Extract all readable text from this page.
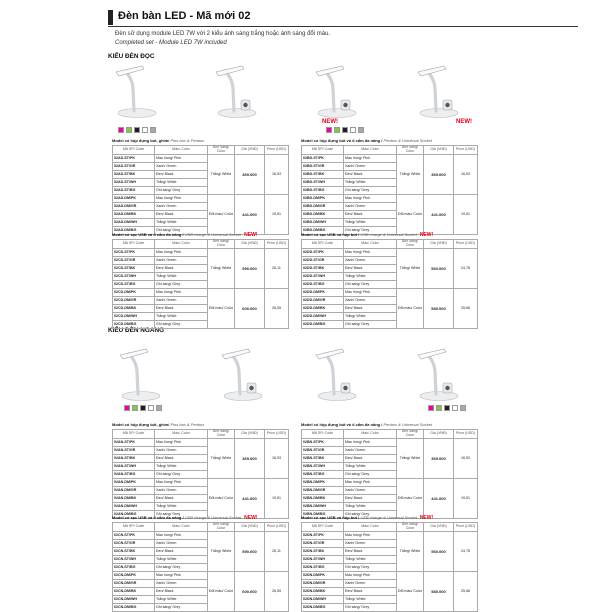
Đèn bàn LED - Mã mới 02
Đèn sử dụng module LED 7W với 2 kiểu ánh sáng trắng hoặc ánh sáng đổi màu.
Completed set - Module LED 7W included
KIỂU ĐÈN ĐỌC
KIỂU ĐÈN NGANG
NEW!	NEW!
Model có hộp đựng bút, ghim/ Pins box & Penbox
Mã SP/ Code	Màu/ Color	Ánh sáng/ Color	Giá (VNĐ)	Price (USD)
02AD-ST/PK	Màu hồng/ Pink	Trắng/ White	369.000	16,53
02AD-ST/GR	Xanh/ Green			
02AD-ST/BK	Đen/ Black			
02AD-ST/WH	Trắng/ White			
02AD-ST/BG	Ghi sáng/ Grey			
02AD-DM/PK	Màu hồng/ Pink	Đổi màu/ Color	441.000	19,51
02AD-DM/GR	Xanh/ Green			
02AD-DM/BK	Đen/ Black			
02AD-DM/WH	Trắng/ White			
02AD-DM/BG	Ghi sáng/ Grey			
Model có hộp đựng bút và ổ cắm đa năng / Penbox & Universal Socket
Mã SP/ Code	Màu/ Color	Ánh sáng/ Color	Giá (VNĐ)	Price (USD)
02BD-ST/PK	Màu hồng/ Pink	Trắng/ White	369.000	16,53
02BD-ST/GR	Xanh/ Green			
02BD-ST/BK	Đen/ Black			
02BD-ST/WH	Trắng/ White			
02BD-ST/BG	Ghi sáng/ Grey			
02BD-DM/PK	Màu hồng/ Pink	Đổi màu/ Color	441.000	19,51
02BD-DM/GR	Xanh/ Green			
02BD-DM/BK	Đen/ Black			
02BD-DM/WH	Trắng/ White			
02BD-DM/BG	Ghi sáng/ Grey			
Model có sạc USB và ổ cắm đa năng / USB charge & Universal Socket NEW!
Mã SP/ Code	Màu/ Color	Ánh sáng/ Color	Giá (VNĐ)	Price (USD)
02CD-ST/PK	Màu hồng/ Pink	Trắng/ White	590.000	26,11
02CD-ST/GR	Xanh/ Green			
02CD-ST/BK	Đen/ Black			
02CD-ST/WH	Trắng/ White			
02CD-ST/BG	Ghi sáng/ Grey			
02CD-DM/PK	Màu hồng/ Pink	Đổi màu/ Color	600.000	26,55
02CD-DM/GR	Xanh/ Green			
02CD-DM/BK	Đen/ Black			
02CD-DM/WH	Trắng/ White			
02CD-DM/BG	Ghi sáng/ Grey			
Model có sạc USB và hộp bút / USB charge & Universal Socket NEW!
Mã SP/ Code	Màu/ Color	Ánh sáng/ Color	Giá (VNĐ)	Price (USD)
02DD-ST/PK	Màu hồng/ Pink	Trắng/ White	560.000	24,78
02DD-ST/GR	Xanh/ Green			
02DD-ST/BK	Đen/ Black			
02DD-ST/WH	Trắng/ White			
02DD-ST/BG	Ghi sáng/ Grey			
02DD-DM/PK	Màu hồng/ Pink	Đổi màu/ Color	580.000	25,66
02DD-DM/GR	Xanh/ Green			
02DD-DM/BK	Đen/ Black			
02DD-DM/WH	Trắng/ White			
02DD-DM/BG	Ghi sáng/ Grey			
Model có hộp đựng bút, ghim/ Pins box & Penbox
Mã SP/ Code	Màu/ Color	Ánh sáng/ Color	Giá (VNĐ)	Price (USD)
02AN-ST/PK	Màu hồng/ Pink	Trắng/ White	369.000	16,53
02AN-ST/GR	Xanh/ Green			
02AN-ST/BK	Đen/ Black			
02AN-ST/WH	Trắng/ White			
02AN-ST/BG	Ghi sáng/ Grey			
02AN-DM/PK	Màu hồng/ Pink	Đổi màu/ Color	441.000	19,51
02AN-DM/GR	Xanh/ Green			
02AN-DM/BK	Đen/ Black			
02AN-DM/WH	Trắng/ White			
02AN-DM/BG	Ghi sáng/ Grey			
Model có hộp đựng bút và ổ cắm đa năng / Penbox & Universal Socket
Mã SP/ Code	Màu/ Color	Ánh sáng/ Color	Giá (VNĐ)	Price (USD)
02BN-ST/PK	Màu hồng/ Pink	Trắng/ White	369.000	16,53
02BN-ST/GR	Xanh/ Green			
02BN-ST/BK	Đen/ Black			
02BN-ST/WH	Trắng/ White			
02BN-ST/BG	Ghi sáng/ Grey			
02BN-DM/PK	Màu hồng/ Pink	Đổi màu/ Color	441.000	19,51
02BN-DM/GR	Xanh/ Green			
02BN-DM/BK	Đen/ Black			
02BN-DM/WH	Trắng/ White			
02BN-DM/BG	Ghi sáng/ Grey			
Model có sạc USB và ổ cắm đa năng / USB charge & Universal Socket NEW!
Mã SP/ Code	Màu/ Color	Ánh sáng/ Color	Giá (VNĐ)	Price (USD)
02CN-ST/PK	Màu hồng/ Pink	Trắng/ White	590.000	26,11
02CN-ST/GR	Xanh/ Green			
02CN-ST/BK	Đen/ Black			
02CN-ST/WH	Trắng/ White			
02CN-ST/BG	Ghi sáng/ Grey			
02CN-DM/PK	Màu hồng/ Pink	Đổi màu/ Color	600.000	26,55
02CN-DM/GR	Xanh/ Green			
02CN-DM/BK	Đen/ Black			
02CN-DM/WH	Trắng/ White			
02CN-DM/BG	Ghi sáng/ Grey			
Model có sạc USB và hộp bút / USB charge & Universal Socket NEW!
Mã SP/ Code	Màu/ Color	Ánh sáng/ Color	Giá (VNĐ)	Price (USD)
02DN-ST/PK	Màu hồng/ Pink	Trắng/ White	560.000	24,78
02DN-ST/GR	Xanh/ Green			
02DN-ST/BK	Đen/ Black			
02DN-ST/WH	Trắng/ White			
02DN-ST/BG	Ghi sáng/ Grey			
02DN-DM/PK	Màu hồng/ Pink	Đổi màu/ Color	580.000	25,66
02DN-DM/GR	Xanh/ Green			
02DN-DM/BK	Đen/ Black			
02DN-DM/WH	Trắng/ White			
02DN-DM/BG	Ghi sáng/ Grey			
